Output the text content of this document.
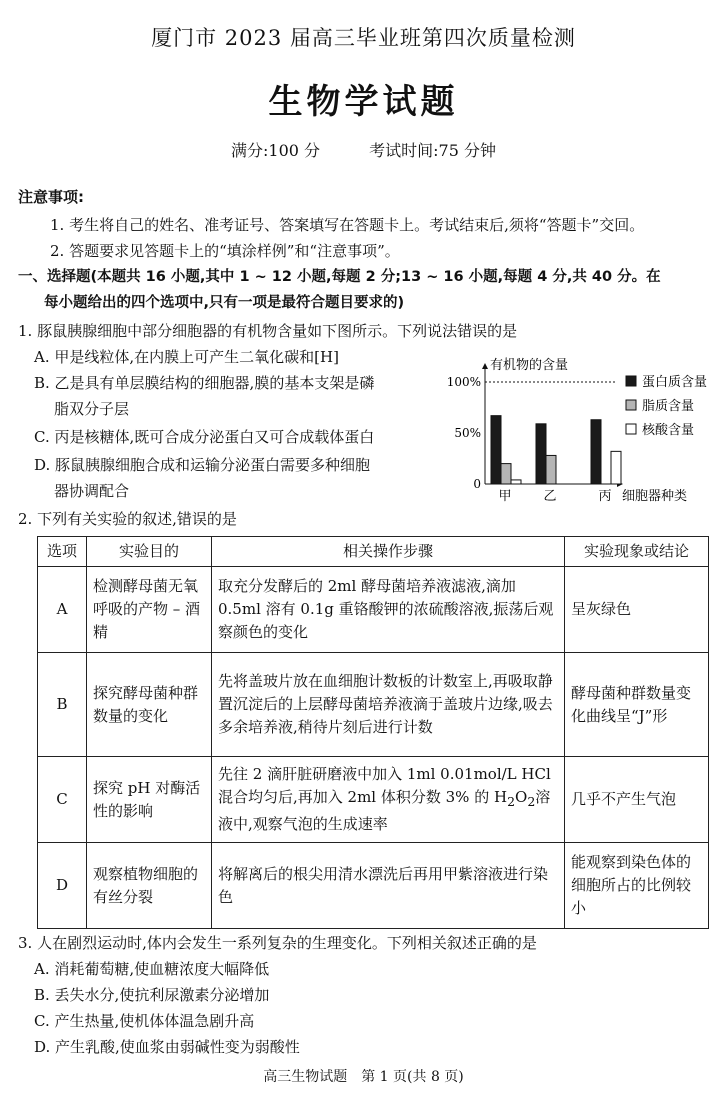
厦门市 2023 届高三毕业班第四次质量检测
生物学试题
满分:100 分	考试时间:75 分钟
注意事项:
1. 考生将自己的姓名、准考证号、答案填写在答题卡上。考试结束后,须将“答题卡”交回。
2. 答题要求见答题卡上的“填涂样例”和“注意事项”。
一、选择题(本题共 16 小题,其中 1 ~ 12 小题,每题 2 分;13 ~ 16 小题,每题 4 分,共 40 分。在
每小题给出的四个选项中,只有一项是最符合题目要求的)
1. 豚鼠胰腺细胞中部分细胞器的有机物含量如下图所示。下列说法错误的是
A. 甲是线粒体,在内膜上可产生二氧化碳和[H]
B. 乙是具有单层膜结构的细胞器,膜的基本支架是磷
脂双分子层
C. 丙是核糖体,既可合成分泌蛋白又可合成载体蛋白
D. 豚鼠胰腺细胞合成和运输分泌蛋白需要多种细胞
器协调配合
有机物的含量
0
50%
100%
甲 乙	丙 细胞器种类
蛋白质含量
脂质含量
核酸含量
2. 下列有关实验的叙述,错误的是
选项	实验目的	相关操作步骤	实验现象或结论
A	检测酵母菌无氧呼吸的产物 – 酒精	取充分发酵后的 2ml 酵母菌培养液滤液,滴加 0.5ml 溶有 0.1g 重铬酸钾的浓硫酸溶液,振荡后观察颜色的变化	呈灰绿色
B	探究酵母菌种群数量的变化	先将盖玻片放在血细胞计数板的计数室上,再吸取静置沉淀后的上层酵母菌培养液滴于盖玻片边缘,吸去多余培养液,稍待片刻后进行计数	酵母菌种群数量变化曲线呈“J”形
C	探究 pH 对酶活性的影响	先往 2 滴肝脏研磨液中加入 1ml 0.01mol/L HCl 混合均匀后,再加入 2ml 体积分数 3% 的 $H_2O_2$溶液中,观察气泡的生成速率	几乎不产生气泡
D	观察植物细胞的有丝分裂	将解离后的根尖用清水漂洗后再用甲紫溶液进行染色	能观察到染色体的细胞所占的比例较小
3. 人在剧烈运动时,体内会发生一系列复杂的生理变化。下列相关叙述正确的是
A. 消耗葡萄糖,使血糖浓度大幅降低
B. 丢失水分,使抗利尿激素分泌增加
C. 产生热量,使机体体温急剧升高
D. 产生乳酸,使血浆由弱碱性变为弱酸性
高三生物试题　第 1 页(共 8 页)
